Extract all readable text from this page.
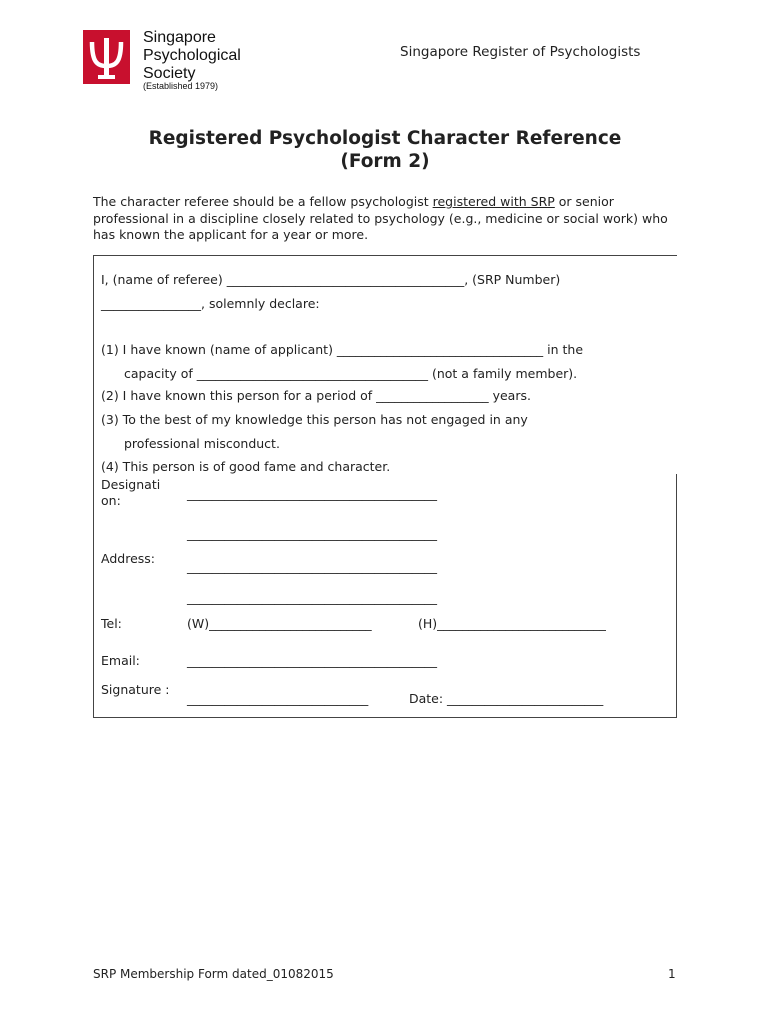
Singapore
Psychological
Society
(Established 1979)
Singapore Register of Psychologists
Registered Psychologist Character Reference
(Form 2)
The character referee should be a fellow psychologist registered with SRP or senior professional in a discipline closely related to psychology (e.g., medicine or social work) who has known the applicant for a year or more.
I, (name of referee) ______________________________________, (SRP Number)
________________, solemnly declare:
(1) I have known (name of applicant) _________________________________ in the
capacity of _____________________________________ (not a family member).
(2) I have known this person for a period of __________________ years.
(3) To the best of my knowledge this person has not engaged in any
professional misconduct.
(4) This person is of good fame and character.
Designati on:	________________________________________
________________________________________
Address:
________________________________________
________________________________________
Tel:	(W)__________________________	(H)___________________________
Email:	________________________________________
Signature :
_____________________________	Date: _________________________
SRP Membership Form dated_01082015	1
